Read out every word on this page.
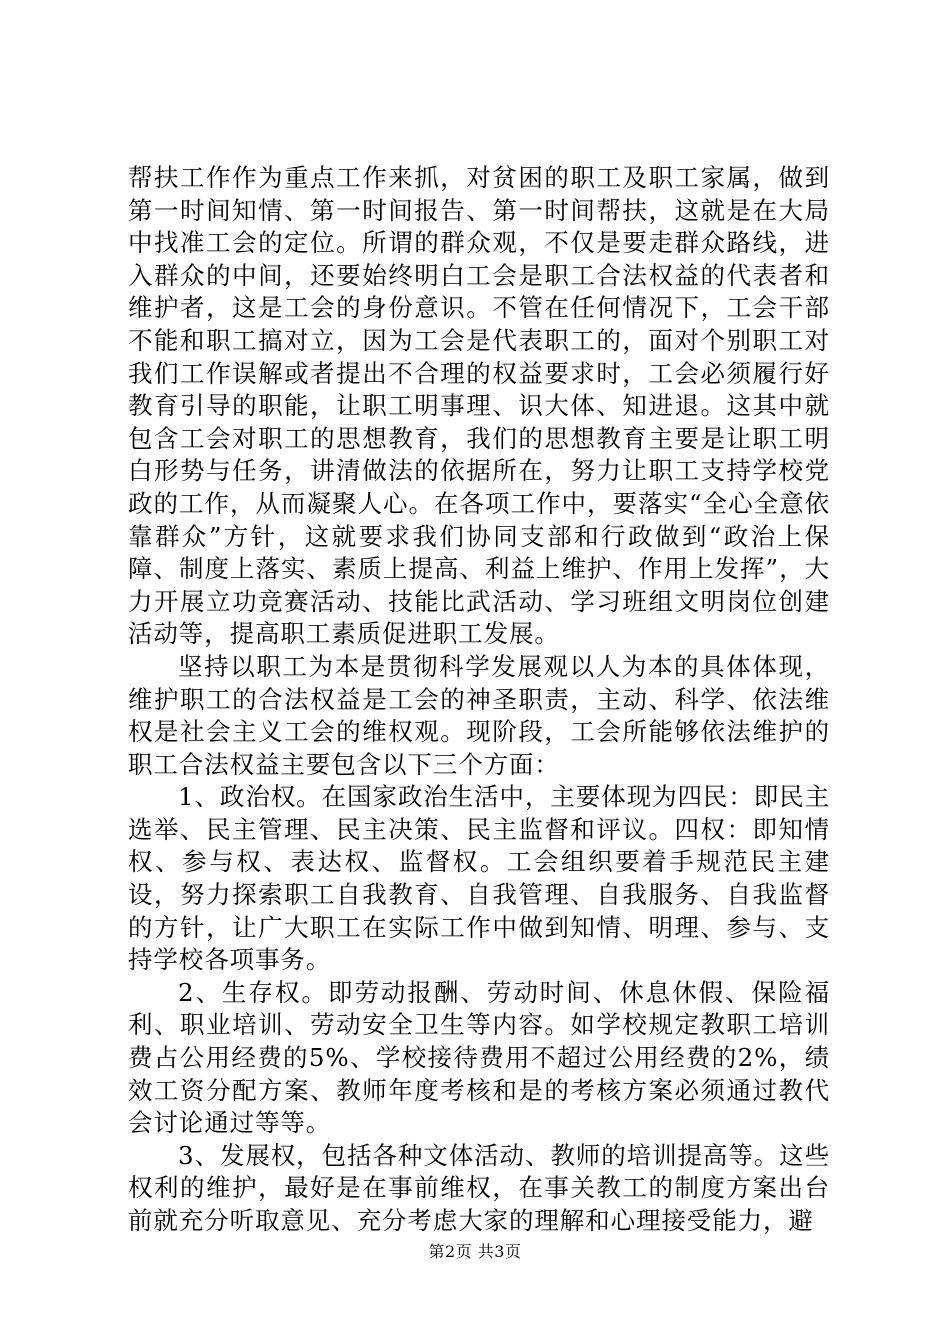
帮扶工作作为重点工作来抓，对贫困的职工及职工家属，做到第一时间知情、第一时间报告、第一时间帮扶，这就是在大局中找准工会的定位。所谓的群众观，不仅是要走群众路线，进入群众的中间，还要始终明白工会是职工合法权益的代表者和维护者，这是工会的身份意识。不管在任何情况下，工会干部不能和职工搞对立，因为工会是代表职工的，面对个别职工对我们工作误解或者提出不合理的权益要求时，工会必须履行好教育引导的职能，让职工明事理、识大体、知进退。这其中就包含工会对职工的思想教育，我们的思想教育主要是让职工明白形势与任务，讲清做法的依据所在，努力让职工支持学校党政的工作，从而凝聚人心。在各项工作中，要落实“全心全意依靠群众”方针，这就要求我们协同支部和行政做到“政治上保障、制度上落实、素质上提高、利益上维护、作用上发挥”，大力开展立功竞赛活动、技能比武活动、学习班组文明岗位创建活动等，提高职工素质促进职工发展。

坚持以职工为本是贯彻科学发展观以人为本的具体体现，维护职工的合法权益是工会的神圣职责，主动、科学、依法维权是社会主义工会的维权观。现阶段，工会所能够依法维护的职工合法权益主要包含以下三个方面：

1、政治权。在国家政治生活中，主要体现为四民：即民主选举、民主管理、民主决策、民主监督和评议。四权：即知情权、参与权、表达权、监督权。工会组织要着手规范民主建设，努力探索职工自我教育、自我管理、自我服务、自我监督的方针，让广大职工在实际工作中做到知情、明理、参与、支持学校各项事务。

2、生存权。即劳动报酬、劳动时间、休息休假、保险福利、职业培训、劳动安全卫生等内容。如学校规定教职工培训费占公用经费的5%、学校接待费用不超过公用经费的2%，绩效工资分配方案、教师年度考核和是的考核方案必须通过教代会讨论通过等等。

3、发展权，包括各种文体活动、教师的培训提高等。这些权利的维护，最好是在事前维权，在事关教工的制度方案出台前就充分听取意见、充分考虑大家的理解和心理接受能力，避

第2页 共3页
